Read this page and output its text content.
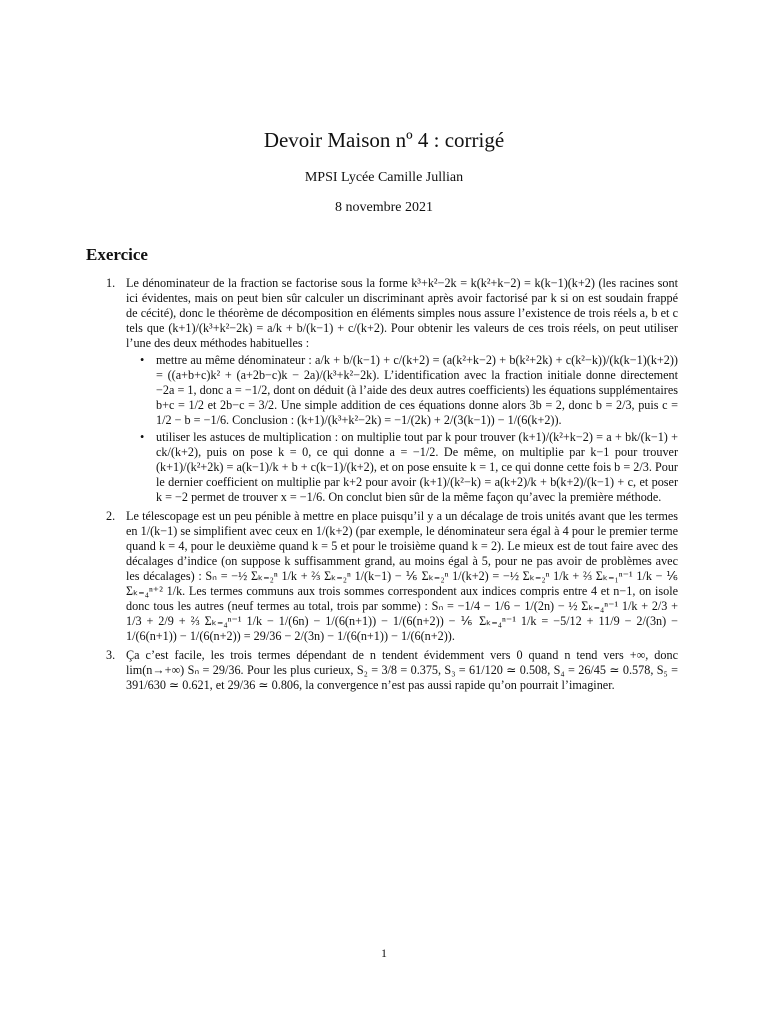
Devoir Maison nº 4 : corrigé
MPSI Lycée Camille Jullian
8 novembre 2021
Exercice
1. Le dénominateur de la fraction se factorise sous la forme k³+k²−2k = k(k²+k−2) = k(k−1)(k+2) (les racines sont ici évidentes, mais on peut bien sûr calculer un discriminant après avoir factorisé par k si on est soudain frappé de cécité), donc le théorème de décomposition en éléments simples nous assure l’existence de trois réels a, b et c tels que (k+1)/(k³+k²−2k) = a/k + b/(k−1) + c/(k+2). Pour obtenir les valeurs de ces trois réels, on peut utiliser l’une des deux méthodes habituelles :
• mettre au même dénominateur : a/k + b/(k−1) + c/(k+2) = (a(k²+k−2) + b(k²+2k) + c(k²−k))/(k(k−1)(k+2)) = ((a+b+c)k² + (a+2b−c)k − 2a)/(k³+k²−2k). L’identification avec la fraction initiale donne directement −2a = 1, donc a = −1/2, dont on déduit (à l’aide des deux autres coefficients) les équations supplémentaires b+c = 1/2 et 2b−c = 3/2. Une simple addition de ces équations donne alors 3b = 2, donc b = 2/3, puis c = 1/2 − b = −1/6. Conclusion : (k+1)/(k³+k²−2k) = −1/(2k) + 2/(3(k−1)) − 1/(6(k+2)).
• utiliser les astuces de multiplication : on multiplie tout par k pour trouver (k+1)/(k²+k−2) = a + bk/(k−1) + ck/(k+2), puis on pose k = 0, ce qui donne a = −1/2. De même, on multiplie par k−1 pour trouver (k+1)/(k²+2k) = a(k−1)/k + b + c(k−1)/(k+2), et on pose ensuite k = 1, ce qui donne cette fois b = 2/3. Pour le dernier coefficient on multiplie par k+2 pour avoir (k+1)/(k²−k) = a(k+2)/k + b(k+2)/(k−1) + c, et poser k = −2 permet de trouver x = −1/6. On conclut bien sûr de la même façon qu’avec la première méthode.
2. Le télescopage est un peu pénible à mettre en place puisqu’il y a un décalage de trois unités avant que les termes en 1/(k−1) se simplifient avec ceux en 1/(k+2) (par exemple, le dénominateur sera égal à 4 pour le premier terme quand k = 4, pour le deuxième quand k = 5 et pour le troisième quand k = 2). Le mieux est de tout faire avec des décalages d’indice (on suppose k suffisamment grand, au moins égal à 5, pour ne pas avoir de problèmes avec les décalages) : Sₙ = −½ Σₖ₌₂ⁿ 1/k + ⅔ Σₖ₌₂ⁿ 1/(k−1) − ⅙ Σₖ₌₂ⁿ 1/(k+2) = −½ Σₖ₌₂ⁿ 1/k + ⅔ Σₖ₌₁ⁿ⁻¹ 1/k − ⅙ Σₖ₌₄ⁿ⁺² 1/k. Les termes communs aux trois sommes correspondent aux indices compris entre 4 et n−1, on isole donc tous les autres (neuf termes au total, trois par somme) : Sₙ = −1/4 − 1/6 − 1/(2n) − ½ Σₖ₌₄ⁿ⁻¹ 1/k + 2/3 + 1/3 + 2/9 + ⅔ Σₖ₌₄ⁿ⁻¹ 1/k − 1/(6n) − 1/(6(n+1)) − 1/(6(n+2)) − ⅙ Σₖ₌₄ⁿ⁻¹ 1/k = −5/12 + 11/9 − 2/(3n) − 1/(6(n+1)) − 1/(6(n+2)) = 29/36 − 2/(3n) − 1/(6(n+1)) − 1/(6(n+2)).
3. Ça c’est facile, les trois termes dépendant de n tendent évidemment vers 0 quand n tend vers +∞, donc lim(n→+∞) Sₙ = 29/36. Pour les plus curieux, S₂ = 3/8 = 0.375, S₃ = 61/120 ≃ 0.508, S₄ = 26/45 ≃ 0.578, S₅ = 391/630 ≃ 0.621, et 29/36 ≃ 0.806, la convergence n’est pas aussi rapide qu’on pourrait l’imaginer.
1
